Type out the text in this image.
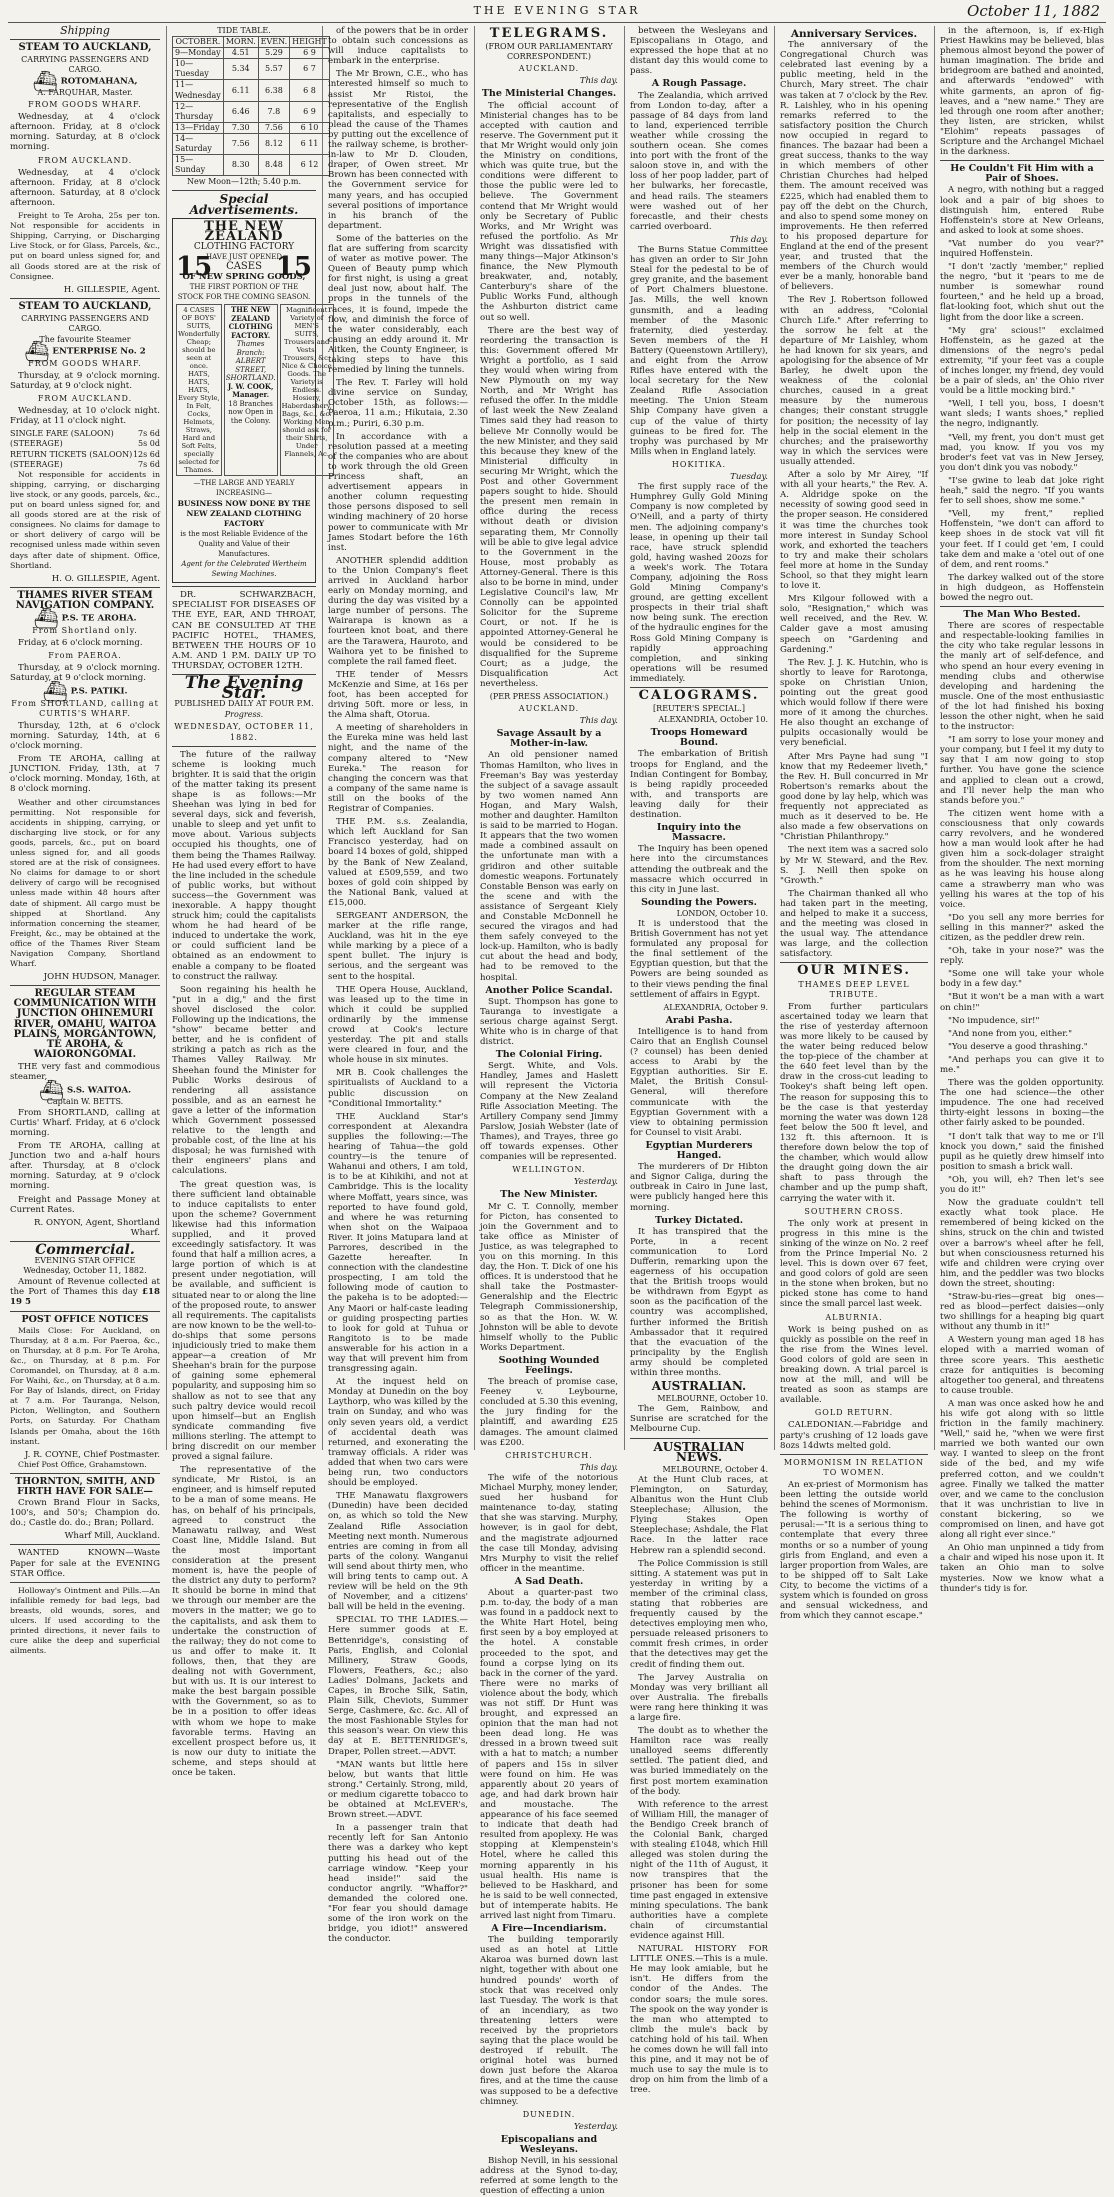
THE EVENING STAR	October 11, 1882
Shipping
STEAM TO AUCKLAND,
CARRYING PASSENGERS AND CARGO.
⛴ ROTOMAHANA,
A. FARQUHAR, Master.
FROM GOODS WHARF.

Wednesday, at 4 o'clock afternoon. Friday, at 8 o'clock morning. Saturday, at 8 o'clock morning.

FROM AUCKLAND.

Wednesday, at 4 o'clock afternoon. Friday, at 8 o'clock afternoon. Saturday, at 8 o'clock afternoon.

Freight to Te Aroha, 25s per ton. Not responsible for accidents in Shipping, Carrying, or Discharging Live Stock, or for Glass, Parcels, &c., put on board unless signed for, and all Goods stored are at the risk of Consignee.

H. GILLESPIE, Agent.
STEAM TO AUCKLAND,
CARRYING PASSENGERS AND CARGO.
The favourite Steamer
⛴ ENTERPRISE No. 2
FROM GOODS WHARF.

Thursday, at 9 o'clock morning. Saturday, at 9 o'clock night.

FROM AUCKLAND.

Wednesday, at 10 o'clock night. Friday, at 11 o'clock night.

SINGLE FARE (SALOON)	7s 6d
(STEERAGE)	5s 0d
RETURN TICKETS (SALOON) 12s 6d
(STEERAGE)	7s 6d

Not responsible for accidents in shipping, carrying, or discharging live stock, or any goods, parcels, &c., put on board unless signed for, and all goods stored are at the risk of consignees. No claims for damage to or short delivery of cargo will be recognised unless made within seven days after date of shipment. Office, Shortland.

H. O. GILLESPIE, Agent.
THAMES RIVER STEAM NAVIGATION COMPANY.
⛴ P.S. TE AROHA.
From Shortland only.

Friday, at 6 o'clock morning.

From PAEROA.

Thursday, at 9 o'clock morning. Saturday, at 9 o'clock morning.

⛴ P.S. PATIKI.
From SHORTLAND, calling at CURTIS'S WHARF.

Thursday, 12th, at 6 o'clock morning. Saturday, 14th, at 6 o'clock morning.

From TE AROHA, calling at JUNCTION. Friday, 13th, at 7 o'clock morning. Monday, 16th, at 8 o'clock morning.

Weather and other circumstances permitting. Not responsible for accidents in shipping, carrying, or discharging live stock, or for any goods, parcels, &c., put on board unless signed for, and all goods stored are at the risk of consignees. No claims for damage to or short delivery of cargo will be recognised unless made within 48 hours after date of shipment. All cargo must be shipped at Shortland. Any information concerning the steamer, Freight, &c., may be obtained at the office of the Thames River Steam Navigation Company, Shortland Wharf.

JOHN HUDSON, Manager.
REGULAR STEAM COMMUNICATION WITH JUNCTION OHINEMURI RIVER, OMAHU, WAITOA PLAINS, MORGANTOWN, TE AROHA, & WAIORONGOMAI.

THE very fast and commodious steamer,

⛴ S.S. WAITOA.
Captain W. BETTS.

From SHORTLAND, calling at Curtis' Wharf. Friday, at 6 o'clock morning.

From TE AROHA, calling at Junction two and a-half hours after. Thursday, at 8 o'clock morning. Saturday, at 9 o'clock morning.

Freight and Passage Money at Current Rates.

R. ONYON, Agent, Shortland Wharf.
Commercial.
EVENING STAR OFFICE Wednesday, October 11, 1882.

Amount of Revenue collected at the Port of Thames this day £18 19 5

POST OFFICE NOTICES

Mails Close: For Auckland, on Thursday, at 8 a.m. For Paeroa, &c., on Thursday, at 8 p.m. For Te Aroha, &c., on Thursday, at 8 p.m. For Coromandel, on Thursday, at 8 a.m. For Waihi, &c., on Thursday, at 8 a.m. For Bay of Islands, direct, on Friday at 7 a.m. For Tauranga, Nelson, Picton, Wellington, and Southern Ports, on Saturday. For Chatham Islands per Omaha, about the 16th instant.

J. R. COYNE, Chief Postmaster.

Chief Post Office, Grahamstown.

THORNTON, SMITH, AND FIRTH HAVE FOR SALE—

Crown Brand Flour in Sacks, 100's, and 50's; Champion do. do.; Castle do. do.; Bran; Pollard.

Wharf Mill, Auckland.

WANTED KNOWN—Waste Paper for sale at the EVENING STAR Office.

Holloway's Ointment and Pills.—An infallible remedy for bad legs, bad breasts, old wounds, sores, and ulcers. If used according to the printed directions, it never fails to cure alike the deep and superficial ailments.

TIDE TABLE.
OCTOBER.	MORN.	EVEN.	HEIGHT
9—Monday	4.51	5.29	6 9
10—Tuesday	5.34	5.57	6 7
11—Wednesday	6.11	6.38	6 8
12—Thursday	6.46	7.8	6 9
13—Friday	7.30	7.56	6 10
14—Saturday	7.56	8.12	6 11
15—Sunday	8.30	8.48	6 12
New Moon—12th; 5.40 p.m.
Special Advertisements.
THE NEW ZEALAND
CLOTHING FACTORY
HAVE JUST OPENED
15 CASES 15
OF NEW SPRING GOODS,
THE FIRST PORTION OF THE STOCK FOR THE COMING SEASON.
4 CASES OF BOYS' SUITS, Wonderfully Cheap; should be seen at once. HATS, HATS, HATS, Every Style, In Felt, Cocks, Helmets, Straws, Hard and Soft Felts, specially selected for Thames.
THE NEW ZEALAND CLOTHING FACTORY.
Thames Branch: ALBERT STREET, SHORTLAND.
J. W. COOK, Manager.
18 Branches now Open in the Colony.
Magnificent Variety of MEN'S SUITS, Trousers and Vests, Trousers, &c. Nice & Choice Goods. The Variety is Endless. Hosiery, Haberdashery, Bags, &c., &c. Working Men should ask for their Shirts, Under Flannels, Ac.
—THE LARGE AND YEARLY INCREASING—
BUSINESS NOW DONE BY THE NEW ZEALAND CLOTHING FACTORY
is the most Reliable Evidence of the Quality and Value of their Manufactures.
Agent for the Celebrated Wertheim Sewing Machines.

DR. SCHWARZBACH, SPECIALIST FOR DISEASES OF THE EYE, EAR, AND THROAT, CAN BE CONSULTED AT THE PACIFIC HOTEL, THAMES, BETWEEN THE HOURS OF 10 A.M. AND 1 P.M. DAILY UP TO THURSDAY, OCTOBER 12TH.

The Evening Star.
PUBLISHED DAILY AT FOUR P.M.
Progress.
WEDNESDAY, OCTOBER 11, 1882.

The future of the railway scheme is looking much brighter. It is said that the origin of the matter taking its present shape is as follows:—Mr Sheehan was lying in bed for several days, sick and feverish, unable to sleep and yet unfit to move about. Various subjects occupied his thoughts, one of them being the Thames Railway. He had used every effort to have the line included in the schedule of public works, but without success—the Government was inexorable. A happy thought struck him; could the capitalists whom he had heard of be induced to undertake the work, or could sufficient land be obtained as an endowment to enable a company to be floated to construct the railway.

Soon regaining his health he "put in a dig," and the first shovel disclosed the color. Following up the indications, the "show" became better and better, and he is confident of striking a patch as rich as the Thames Valley Railway. Mr Sheehan found the Minister for Public Works desirous of rendering all assistance possible, and as an earnest he gave a letter of the information which Government possessed relative to the length and probable cost, of the line at his disposal; he was furnished with their engineers' plans and calculations.

The great question was, is there sufficient land obtainable to induce capitalists to enter upon the scheme? Government likewise had this information supplied, and it proved exceedingly satisfactory. It was found that half a million acres, a large portion of which is at present under negotiation, will be available, and sufficient is situated near to or along the line of the proposed route, to answer all requirements. The capitalists are now known to be the well-to-do-ships that some persons injudiciously tried to make them appear—a creation of Mr Sheehan's brain for the purpose of gaining some ephemeral popularity, and supposing him so shallow as not to see that any such paltry device would recoil upon himself—but an English syndicate commanding five millions sterling. The attempt to bring discredit on our member proved a signal failure.

The representative of the syndicate, Mr Ristoi, is an engineer, and is himself reputed to be a man of some means. He has, on behalf of his principals, agreed to construct the Manawatu railway, and West Coast line, Middle Island. But the most important consideration at the present moment is, have the people of the district any duty to perform? It should be borne in mind that we through our member are the movers in the matter; we go to the capitalists, and ask them to undertake the construction of the railway; they do not come to us and offer to make it. It follows, then, that they are dealing not with Government, but with us. It is our interest to make the best bargain possible with the Government, so as to be in a position to offer ideas with whom we hope to make favorable terms. Having an excellent prospect before us, it is now our duty to initiate the scheme, and steps should at once be taken.

of the powers that be in order to obtain such concessions as will induce capitalists to embark in the enterprise.

The Mr Brown, C.E., who has interested himself so much to assist Mr Ristoi, the representative of the English capitalists, and especially to plead the cause of the Thames by putting out the excellence of the railway scheme, is brother-in-law to Mr D. Clouden, draper, of Owen street. Mr Brown has been connected with the Government service for many years, and has occupied several positions of importance in his branch of the department.

Some of the batteries on the flat are suffering from scarcity of water as motive power. The Queen of Beauty pump which for first night, is using a great deal just now, about half. The props in the tunnels of the races, it is found, impede the flow, and diminish the force of the water considerably, each causing an eddy around it. Mr Aitken, the County Engineer, is taking steps to have this remedied by lining the tunnels.

The Rev. T. Farley will hold divine service on Sunday, October 15th, as follows:—Paeroa, 11 a.m.; Hikutaia, 2.30 p.m.; Puriri, 6.30 p.m.

In accordance with a resolution passed at a meeting of the companies who are about to work through the old Green Princess shaft, an advertisement appears in another column requesting those persons disposed to sell winding machinery of 20 horse power to communicate with Mr James Stodart before the 16th inst.

ANOTHER splendid addition to the Union Company's fleet arrived in Auckland harbor early on Monday morning, and during the day was visited by a large number of persons. The Wairarapa is known as a fourteen knot boat, and there are the Tarawera, Hauroto, and Waihora yet to be finished to complete the rail famed fleet.

THE tender of Messrs McKenzie and Sime, at 16s per foot, has been accepted for driving 50ft. more or less, in the Alma shaft, Otorua.

A meeting of shareholders in the Eureka mine was held last night, and the name of the company altered to "New Eureka." The reason for changing the concern was that a company of the same name is still on the books of the Registrar of Companies.

THE P.M. s.s. Zealandia, which left Auckland for San Francisco yesterday, had on board 14 boxes of gold, shipped by the Bank of New Zealand, valued at £509,559, and two boxes of gold coin shipped by the National Bank, valued at £15,000.

SERGEANT ANDERSON, the marker at the rifle range, Auckland, was hit in the eye while marking by a piece of a spent bullet. The injury is serious, and the sergeant was sent to the hospital.

THE Opera House, Auckland, was leased up to the time in which it could be supplied ordinarily by the immense crowd at Cook's lecture yesterday. The pit and stalls were cleared in four, and the whole house in six minutes.

MR B. Cook challenges the spiritualists of Auckland to a public discussion on "Conditional Immortality."

THE Auckland Star's correspondent at Alexandra supplies the following:—The hearing of Tahua—the gold country—is the tenure of Wahanui and others, I am told, is to be at Kihikihi, and not at Cambridge. This is the locality where Moffatt, years since, was reported to have found gold, and where he was returning when shot on the Waipaoa River. It joins Matupara land at Parrores, described in the Gazette hereafter. In connection with the clandestine prospecting, I am told the following mode of caution to the pakeha is to be adopted:—Any Maori or half-caste leading or guiding prospecting parties to look for gold at Tuhua or Rangitoto is to be made answerable for his action in a way that will prevent him from transgressing again.

At the inquest held on Monday at Dunedin on the boy Laythorp, who was killed by the train on Sunday, and who was only seven years old, a verdict of accidental death was returned, and exonerating the tramway officials. A rider was added that when two cars were being run, two conductors should be employed.

THE Manawatu flaxgrowers (Dunedin) have been decided on, as which so told the New Zealand Rifle Association Meeting next month. Numerous entries are coming in from all parts of the colony. Wanganui will send about thirty men, who will bring tents to camp out. A review will be held on the 9th of November, and a citizens' ball will be held in the evening.

SPECIAL TO THE LADIES.—Here summer goods at E. Bettenridge's, consisting of Paris, English, and Colonial Millinery, Straw Goods, Flowers, Feathers, &c.; also Ladies' Dolmans, Jackets and Capes, in Broche Silk, Satin, Plain Silk, Cheviots, Summer Serge, Cashmere, &c. &c. All of the most Fashionable Styles for this season's wear. On view this day at E. BETTENRIDGE's, Draper, Pollen street.—ADVT.

"MAN wants but little here below, but wants that little strong." Certainly. Strong, mild, or medium cigarette tobacco to be obtained at McLEVER's, Brown street.—ADVT.

In a passenger train that recently left for San Antonio there was a darkey who kept putting his head out of the carriage window. "Keep your head inside!" said the conductor angrily. "Whaffor?" demanded the colored one. "For fear you should damage some of the iron work on the bridge, you idiot!" answered the conductor.

TELEGRAMS.
(FROM OUR PARLIAMENTARY CORRESPONDENT.)
AUCKLAND.
This day.
The Ministerial Changes.

The official account of Ministerial changes has to be accepted with caution and reserve. The Government put it that Mr Wright would only join the Ministry on conditions, which was quite true, but the conditions were different to those the public were led to believe. The Government contend that Mr Wright would only be Secretary of Public Works, and Mr Wright was refused the portfolio. As Mr Wright was dissatisfied with many things—Major Atkinson's finance, the New Plymouth breakwater, and, notably, Canterbury's share of the Public Works Fund, although the Ashburton district came out so well.

There are the best way of reordering the transaction is this: Government offered Mr Wright a portfolio, as I said they would when wiring from New Plymouth on my way North, and Mr Wright has refused the offer. In the middle of last week the New Zealand Times said they had reason to believe Mr Connolly would be the new Minister, and they said this because they knew of the Ministerial difficulty in securing Mr Wright, which the Post and other Government papers sought to hide. Should the present men remain in office during the recess without death or division separating them, Mr Connolly will be able to give legal advice to the Government in the House, most probably as Attorney-General. There is this also to be borne in mind, under Legislative Council's law, Mr Connolly can be appointed Solicitor for the Supreme Court, or not. If he is appointed Attorney-General he would be considered to be disqualified for the Supreme Court; as a judge, the Disqualification Act nevertheless.

(PER PRESS ASSOCIATION.)
AUCKLAND.
This day.
Savage Assault by a Mother-in-law.

An old pensioner named Thomas Hamilton, who lives in Freeman's Bay was yesterday the subject of a savage assault by two women named Ann Hogan, and Mary Walsh, mother and daughter. Hamilton is said to be married to Hogan. It appears that the two women made a combined assault on the unfortunate man with a gridiron and other suitable domestic weapons. Fortunately Constable Benson was early on the scene and with the assistance of Sergeant Kiely and Constable McDonnell he secured the viragos and had them safely conveyed to the lock-up. Hamilton, who is badly cut about the head and body, had to be removed to the hospital.

Another Police Scandal.

Supt. Thompson has gone to Tauranga to investigate a serious charge against Sergt. White who is in charge of that district.

The Colonial Firing.

Sergt. White, and Vols. Handley, James and Haslett will represent the Victoria Company at the New Zealand Rifle Association Meeting. The Artillery Company send Jimmy Parslow, Josiah Webster (late of Thames), and Trayes, three go off towards expenses. Other companies will be represented.

WELLINGTON.
Yesterday.
The New Minister.

Mr C. T. Connolly, member for Picton, has consented to join the Government and to take office as Minister of Justice, as was telegraphed to you on this morning. In this day, the Hon. T. Dick of one his offices. It is understood that he shall take the Postmaster-Generalship and the Electric Telegraph Commissionership, so as that the Hon. W. W. Johnston will be able to devote himself wholly to the Public Works Department.

Soothing Wounded Feelings.

The breach of promise case, Feeney v. Leybourne, concluded at 5.30 this evening, the jury finding for the plaintiff, and awarding £25 damages. The amount claimed was £200.

CHRISTCHURCH.
This day.

The wife of the notorious Michael Murphy, money lender, sued her husband for maintenance to-day, stating that she was starving. Murphy, however, is in gaol for debt, and the magistrate adjourned the case till Monday, advising Mrs Murphy to visit the relief officer in the meantime.

A Sad Death.

About a quarter-past two p.m. to-day, the body of a man was found in a paddock next to the White Hart Hotel, being first seen by a boy employed at the hotel. A constable proceeded to the spot, and found a corpse lying on its back in the corner of the yard. There were no marks of violence about the body, which was not stiff. Dr Hunt was brought, and expressed an opinion that the man had not been dead long. He was dressed in a brown tweed suit with a hat to match; a number of papers and 15s in silver were found on him. He was apparently about 20 years of age, and had dark brown hair and moustache. The appearance of his face seemed to indicate that death had resulted from apoplexy. He was stopping at Klempenstein's Hotel, where he called this morning apparently in his usual health. His name is believed to be Haskhard, and he is said to be well connected, but of intemperate habits. He arrived last night from Timaru.

A Fire—Incendiarism.

The building temporarily used as an hotel at Little Akaroa was burned down last night, together with about one hundred pounds' worth of stock that was received only last Tuesday. The work is that of an incendiary, as two threatening letters were received by the proprietors saying that the place would be destroyed if rebuilt. The original hotel was burned down just before the Akaroa fires, and at the time the cause was supposed to be a defective chimney.

DUNEDIN.
Yesterday.
Episcopalians and Wesleyans.

Bishop Nevill, in his sessional address at the Synod to-day, referred at some length to the question of effecting a union

between the Wesleyans and Episcopalians in Otago, and expressed the hope that at no distant day this would come to pass.

A Rough Passage.

The Zealandia, which arrived from London to-day, after a passage of 84 days from land to land, experienced terrible weather while crossing the southern ocean. She comes into port with the front of the saloon stove in, and with the loss of her poop ladder, part of her bulwarks, her forecastle, and head rails. The steamers were washed out of her forecastle, and their chests carried overboard.

This day.

The Burns Statue Committee has given an order to Sir John Steal for the pedestal to be of grey granite, and the basement of Port Chalmers bluestone. Jas. Mills, the well known gunsmith, and a leading member of the Masonic fraternity, died yesterday. Seven members of the H Battery (Queenstown Artillery), and eight from the Arrow Rifles have entered with the local secretary for the New Zealand Rifle Association meeting. The Union Steam Ship Company have given a cup of the value of thirty guineas to be fired for. The trophy was purchased by Mr Mills when in England lately.

HOKITIKA.
Tuesday.

The first supply race of the Humphrey Gully Gold Mining Company is now completed by O'Neill, and a party of thirty men. The adjoining company's lease, in opening up their tail race, have struck splendid gold, having washed 20ozs for a week's work. The Totara Company, adjoining the Ross Gold Mining Company's ground, are getting excellent prospects in their trial shaft now being sunk. The erection of the hydraulic engines for the Ross Gold Mining Company is rapidly approaching completion, and sinking operations will be resumed immediately.

CALOGRAMS.
[REUTER'S SPECIAL.]
ALEXANDRIA, October 10.
Troops Homeward Bound.

The embarkation of British troops for England, and the Indian Contingent for Bombay, is being rapidly proceeded with, and transports are leaving daily for their destination.

Inquiry into the Massacre.

The Inquiry has been opened here into the circumstances attending the outbreak and the massacre which occurred in this city in June last.

Sounding the Powers.
LONDON, October 10.

It is understood that the British Government has not yet formulated any proposal for the final settlement of the Egyptian question, but that the Powers are being sounded as to their views pending the final settlement of affairs in Egypt.

ALEXANDRIA, October 9.
Arabi Pasha.

Intelligence is to hand from Cairo that an English Counsel (? counsel) has been denied access to Arabi by the Egyptian authorities. Sir E. Malet, the British Consul-General, will therefore communicate with the Egyptian Government with a view to obtaining permission for Counsel to visit Arabi.

Egyptian Murderers Hanged.

The murderers of Dr Hibton and Signor Caliga, during the outbreak in Cairo in June last, were publicly hanged here this morning.

Turkey Dictated.

It has transpired that the Porte, in a recent communication to Lord Dufferin, remarking upon the eagerness of his occupation that the British troops would be withdrawn from Egypt as soon as the pacification of the country was accomplished, further informed the British Ambassador that it required that the evacuation of the principality by the English army should be completed within three months.

AUSTRALIAN.
MELBOURNE, October 10.

The Gem, Rainbow, and Sunrise are scratched for the Melbourne Cup.

AUSTRALIAN NEWS.
MELBOURNE, October 4.

At the Hunt Club races, at Flemington, on Saturday, Albanitus won the Hunt Club Steeplechase; Allusion, the Flying Stakes Open Steeplechase; Ashdale, the Flat Race. In the latter race Hebrew ran a splendid second.

The Police Commission is still sitting. A statement was put in yesterday in writing by a member of the criminal class, stating that robberies are frequently caused by the detectives employing men who, persuade released prisoners to commit fresh crimes, in order that the detectives may get the credit of finding them out.

The Jarvey Australia on Monday was very brilliant all over Australia. The fireballs were rang here thinking it was a large fire.

The doubt as to whether the Hamilton race was really unalloyed seems differently settled. The patient died, and was buried immediately on the first post mortem examination of the body.

With reference to the arrest of William Hill, the manager of the Bendigo Creek branch of the Colonial Bank, charged with stealing £1048, which Hill alleged was stolen during the night of the 11th of August, it now transpires that the prisoner has been for some time past engaged in extensive mining speculations. The bank authorities have a complete chain of circumstantial evidence against Hill.

NATURAL HISTORY FOR LITTLE ONES.—This is a mule. He may look amiable, but he isn't. He differs from the condor of the Andes. The condor soars; the mule sores. The spook on the way yonder is the man who attempted to climb the mule's back by catching hold of his tail. When he comes down he will fall into this pine, and it may not be of much use to say the mule is to drop on him from the limb of a tree.

Anniversary Services.

The anniversary of the Congregational Church was celebrated last evening by a public meeting, held in the Church, Mary street. The chair was taken at 7 o'clock by the Rev. R. Laishley, who in his opening remarks referred to the satisfactory position the Church now occupied in regard to finances. The bazaar had been a great success, thanks to the way in which members of other Christian Churches had helped them. The amount received was £225, which had enabled them to pay off the debt on the Church, and also to spend some money on improvements. He then referred to his proposed departure for England at the end of the present year, and trusted that the members of the Church would ever be a manly, honorable band of believers.

The Rev J. Robertson followed with an address, "Colonial Church Life." After referring to the sorrow he felt at the departure of Mr Laishley, whom he had known for six years, and apologising for the absence of Mr Barley, he dwelt upon the weakness of the colonial churches, caused in a great measure by the numerous changes; their constant struggle for position; the necessity of lay help in the social element in the churches; and the praiseworthy way in which the services were usually attended.

After a solo by Mr Airey, "If with all your hearts," the Rev. A. A. Aldridge spoke on the necessity of sowing good seed in the proper season. He considered it was time the churches took more interest in Sunday School work, and exhorted the teachers to try and make their scholars feel more at home in the Sunday School, so that they might learn to love it.

Mrs Kilgour followed with a solo, "Resignation," which was well received, and the Rev. W. Calder gave a most amusing speech on "Gardening and Gardening."

The Rev. J. J. K. Hutchin, who is shortly to leave for Rarotonga, spoke on Christian Union, pointing out the great good which would follow if there were more of it among the churches. He also thought an exchange of pulpits occasionally would be very beneficial.

After Mrs Payne had sung "I know that my Redeemer liveth," the Rev. H. Bull concurred in Mr Robertson's remarks about the good done by lay help, which was frequently not appreciated as much as it deserved to be. He also made a few observations on "Christian Philanthropy."

The next item was a sacred solo by Mr W. Steward, and the Rev. S. J. Neill then spoke on "Growth."

The Chairman thanked all who had taken part in the meeting, and helped to make it a success, and the meeting was closed in the usual way. The attendance was large, and the collection satisfactory.

OUR MINES.
THAMES DEEP LEVEL TRIBUTE.

From further particulars ascertained today we learn that the rise of yesterday afternoon was more likely to be caused by the water being reduced below the top-piece of the chamber at the 640 feet level than by the draw in the cross-cut leading to Tookey's shaft being left open. The reason for supposing this to be the case is that yesterday morning the water was down 128 feet below the 500 ft level, and 132 ft. this afternoon. It is therefore down below the top of the chamber, which would allow the draught going down the air shaft to pass through the chamber and up the pump shaft, carrying the water with it.

SOUTHERN CROSS.

The only work at present in progress in this mine is the sinking of the winze on No. 2 reef from the Prince Imperial No. 2 level. This is down over 67 feet, and good colors of gold are seen in the stone when broken, but no picked stone has come to hand since the small parcel last week.

ALBURNIA.

Work is being pushed on as quickly as possible on the reef in the rise from the Wines level. Good colors of gold are seen in breaking down. A trial parcel is now at the mill, and will be treated as soon as stamps are available.

GOLD RETURN.

CALEDONIAN.—Fabridge and party's crushing of 12 loads gave 8ozs 14dwts melted gold.

MORMONISM IN RELATION TO WOMEN.

An ex-priest of Mormonism has been letting the outside world behind the scenes of Mormonism. The following is worthy of perusal:—"It is a serious thing to contemplate that every three months or so a number of young girls from England, and even a larger proportion from Wales, are to be shipped off to Salt Lake City, to become the victims of a system which is founded on gross and sensual wickedness, and from which they cannot escape."

in the afternoon, is, if ex-High Priest Hawkins may be believed, blas phemous almost beyond the power of human imagination. The bride and bridegroom are bathed and anointed, and afterwards "endowed" with white garments, an apron of fig-leaves, and a "new name." They are led through one room after another; they listen, are stricken, whilst "Elohim" repeats passages of Scripture and the Archangel Michael in the darkness.

He Couldn't Fit Him with a Pair of Shoes.

A negro, with nothing but a ragged look and a pair of big shoes to distinguish him, entered Rube Hoffenstein's store at New Orleans, and asked to look at some shoes.

"Vat number do you vear?" inquired Hoffenstein.

"I don't 'zactly 'member," replied the negro, "but it 'pears to me de number is somewhar round fourteen," and he held up a broad, flat-looking foot, which shut out the light from the door like a screen.

"My gra' scious!" exclaimed Hoffenstein, as he gazed at the dimensions of the negro's pedal extremity, "if your feet vas a couple of inches longer, my friend, dey vould be a pair of sleds, an' the Ohio river vould be a little mocking bird."

"Well, I tell you, boss, I doesn't want sleds; I wants shoes," replied the negro, indignantly.

"Vell, my frent, you don't must get mad, you know. If you vos my broder's feet vat vas in New Jersey, you don't dink you vas nobody."

"I'se gwine to leab dat joke right heah," said the negro. "If you wants fer to sell shoes, show me some."

"Vell, my frent," replied Hoffenstein, "we don't can afford to keep shoes in de stock vat vill fit your feet. If I could get 'em, I could take dem and make a 'otel out of one of dem, and rent rooms."

The darkey walked out of the store in high dudgeon, as Hoffenstein bowed the negro out.

The Man Who Bested.

There are scores of respectable and respectable-looking families in the city who take regular lessons in the manly art of self-defence, and who spend an hour every evening in mending clubs and otherwise developing and hardening the muscle. One of the most enthusiastic of the lot had finished his boxing lesson the other night, when he said to the instructor:

"I am sorry to lose your money and your company, but I feel it my duty to say that I am now going to stop further. You have gone the science and applied to clean out a crowd, and I'll never help the man who stands before you."

The citizen went home with a consciousness that only cowards carry revolvers, and he wondered how a man would look after he had given him a sock-dolager straight from the shoulder. The next morning as he was leaving his house along came a strawberry man who was yelling his wares at the top of his voice.

"Do you sell any more berries for selling in this manner?" asked the citizen, as the peddler drew rein.

"Oh, take in your nose?" was the reply.

"Some one will take your whole body in a few day."

"But it won't be a man with a wart on chin!"

"No impudence, sir!"

"And none from you, either."

"You deserve a good thrashing."

"And perhaps you can give it to me."

There was the golden opportunity. The one had science—the other impudence. The one had received thirty-eight lessons in boxing—the other fairly asked to be pounded.

"I don't talk that way to me or I'll knock you down," said the finished pupil as he quietly drew himself into position to smash a brick wall.

"Oh, you will, eh? Then let's see you do it!"

Now the graduate couldn't tell exactly what took place. He remembered of being kicked on the shins, struck on the chin and twisted over a barrow's wheel after he fell, but when consciousness returned his wife and children were crying over him, and the peddler was two blocks down the street, shouting:

"Straw-bu-ries—great big ones—red as blood—perfect daisies—only two shillings for a heaping big quart without any thumb in it!"

A Western young man aged 18 has eloped with a married woman of three score years. This aesthetic craze for antiquities is becoming altogether too general, and threatens to cause trouble.

A man was once asked how he and his wife got along with so little friction in the family machinery. "Well," said he, "when we were first married we both wanted our own way. I wanted to sleep on the front side of the bed, and my wife preferred cotton, and we couldn't agree. Finally we talked the matter over, and we came to the conclusion that it was unchristian to live in constant bickering, so we compromised on linen, and have got along all right ever since."

An Ohio man unpinned a tidy from a chair and wiped his nose upon it. It taken an Ohio man to solve mysteries. Now we know what a thunder's tidy is for.
